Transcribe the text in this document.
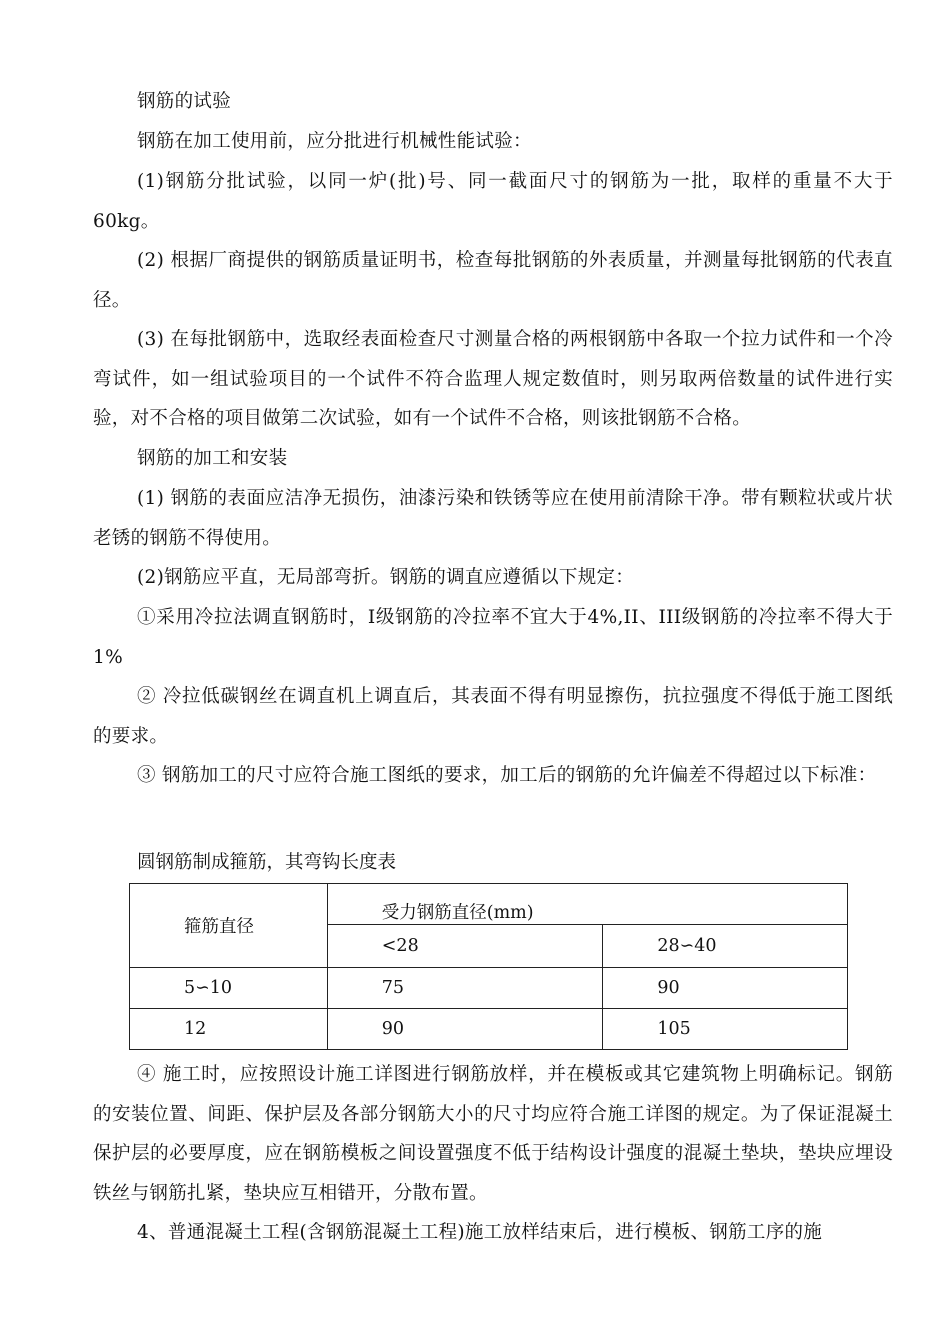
钢筋的试验

钢筋在加工使用前，应分批进行机械性能试验：

(1)钢筋分批试验，以同一炉(批)号、同一截面尺寸的钢筋为一批，取样的重量不大于60kg。

(2) 根据厂商提供的钢筋质量证明书，检查每批钢筋的外表质量，并测量每批钢筋的代表直径。

(3) 在每批钢筋中，选取经表面检查尺寸测量合格的两根钢筋中各取一个拉力试件和一个冷弯试件，如一组试验项目的一个试件不符合监理人规定数值时，则另取两倍数量的试件进行实验，对不合格的项目做第二次试验，如有一个试件不合格，则该批钢筋不合格。

钢筋的加工和安装

(1) 钢筋的表面应洁净无损伤，油漆污染和铁锈等应在使用前清除干净。带有颗粒状或片状老锈的钢筋不得使用。

(2)钢筋应平直，无局部弯折。钢筋的调直应遵循以下规定：

①采用冷拉法调直钢筋时，I级钢筋的冷拉率不宜大于4%,II、III级钢筋的冷拉率不得大于1%

② 冷拉低碳钢丝在调直机上调直后，其表面不得有明显擦伤，抗拉强度不得低于施工图纸的要求。

③ 钢筋加工的尺寸应符合施工图纸的要求，加工后的钢筋的允许偏差不得超过以下标准：

圆钢筋制成箍筋，其弯钩长度表

箍筋直径	受力钢筋直径(mm)	
	<28	28∽40
5∽10	75	90
12	90	105

④ 施工时，应按照设计施工详图进行钢筋放样，并在模板或其它建筑物上明确标记。钢筋的安装位置、间距、保护层及各部分钢筋大小的尺寸均应符合施工详图的规定。为了保证混凝土保护层的必要厚度，应在钢筋模板之间设置强度不低于结构设计强度的混凝土垫块，垫块应埋设铁丝与钢筋扎紧，垫块应互相错开，分散布置。

4、普通混凝土工程(含钢筋混凝土工程)施工放样结束后，进行模板、钢筋工序的施
